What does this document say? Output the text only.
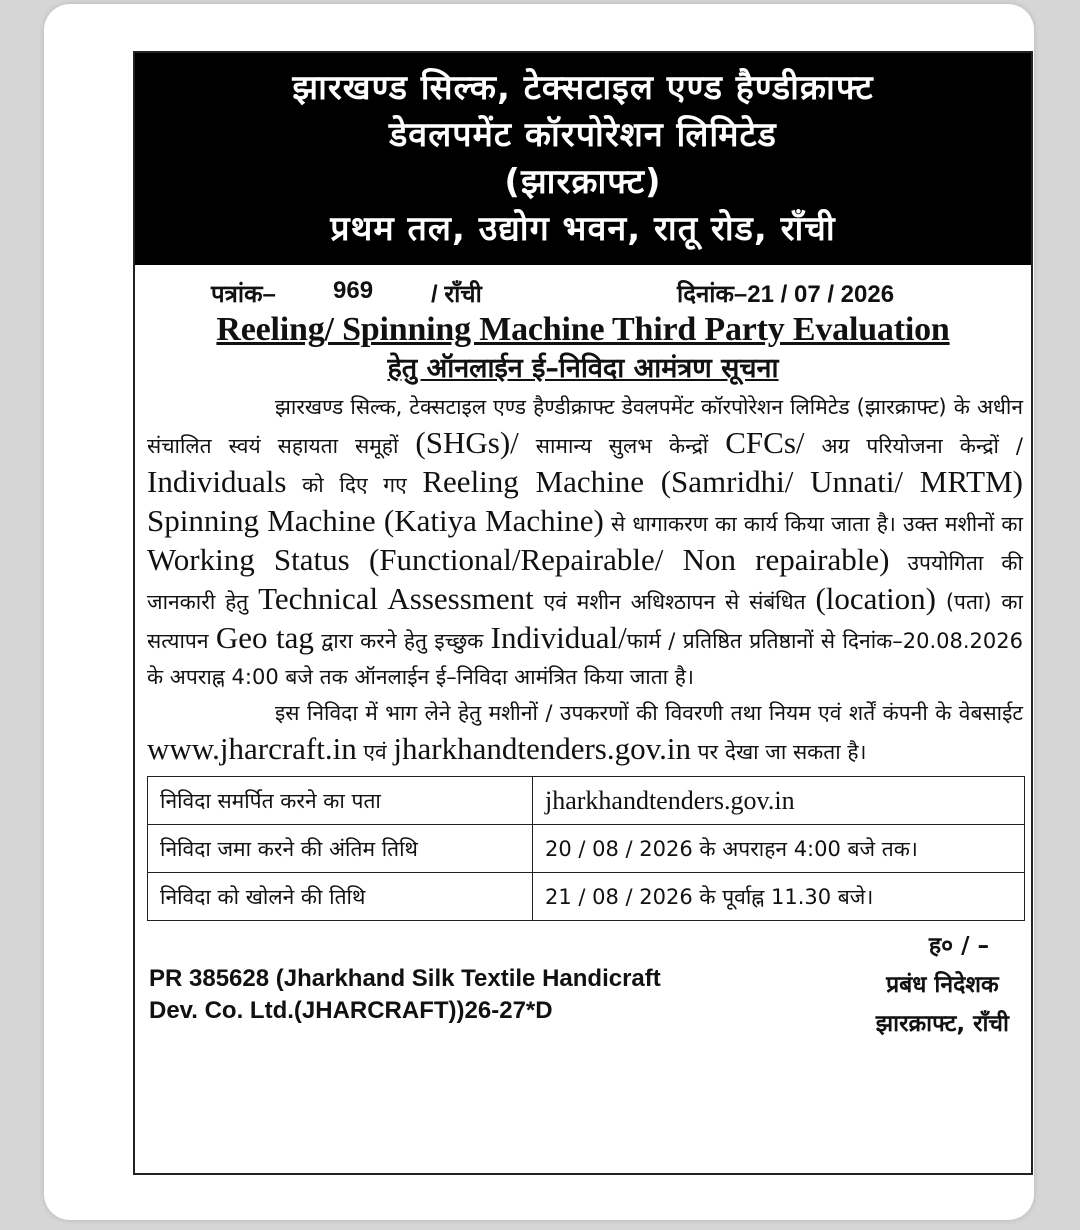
झारखण्ड सिल्क, टेक्सटाइल एण्ड हैण्डीक्राफ्ट
डेवलपमेंट कॉरपोरेशन लिमिटेड
(झारक्राफ्ट)
प्रथम तल, उद्योग भवन, रातू रोड, राँची
पत्रांक– 969 / राँची	दिनांक–21 / 07 / 2026
Reeling/ Spinning Machine Third Party Evaluation
हेतु ऑनलाईन ई–निविदा आमंत्रण सूचना

झारखण्ड सिल्क, टेक्सटाइल एण्ड हैण्डीक्राफ्ट डेवलपमेंट कॉरपोरेशन लिमिटेड (झारक्राफ्ट) के अधीन संचालित स्वयं सहायता समूहों (SHGs)/ सामान्य सुलभ केन्द्रों CFCs/ अग्र परियोजना केन्द्रों / Individuals को दिए गए Reeling Machine (Samridhi/ Unnati/ MRTM) Spinning Machine (Katiya Machine) से धागाकरण का कार्य किया जाता है। उक्त मशीनों का Working Status (Functional/Repairable/ Non repairable) उपयोगिता की जानकारी हेतु Technical Assessment एवं मशीन अधिश्ठापन से संबंधित (location) (पता) का सत्यापन Geo tag द्वारा करने हेतु इच्छुक Individual/फार्म / प्रतिष्ठित प्रतिष्ठानों से दिनांक–20.08.2026 के अपराह्न 4:00 बजे तक ऑनलाईन ई–निविदा आमंत्रित किया जाता है।

इस निविदा में भाग लेने हेतु मशीनों / उपकरणों की विवरणी तथा नियम एवं शर्तें कंपनी के वेबसाईट www.jharcraft.in एवं jharkhandtenders.gov.in पर देखा जा सकता है।

निविदा समर्पित करने का पता	jharkhandtenders.gov.in
निविदा जमा करने की अंतिम तिथि	20 / 08 / 2026 के अपराहन 4:00 बजे तक।
निविदा को खोलने की तिथि	21 / 08 / 2026 के पूर्वाह्न 11.30 बजे।
PR 385628 (Jharkhand Silk Textile Handicraft
Dev. Co. Ltd.(JHARCRAFT))26-27*D
ह० / –
प्रबंध निदेशक
झारक्राफ्ट, राँची
